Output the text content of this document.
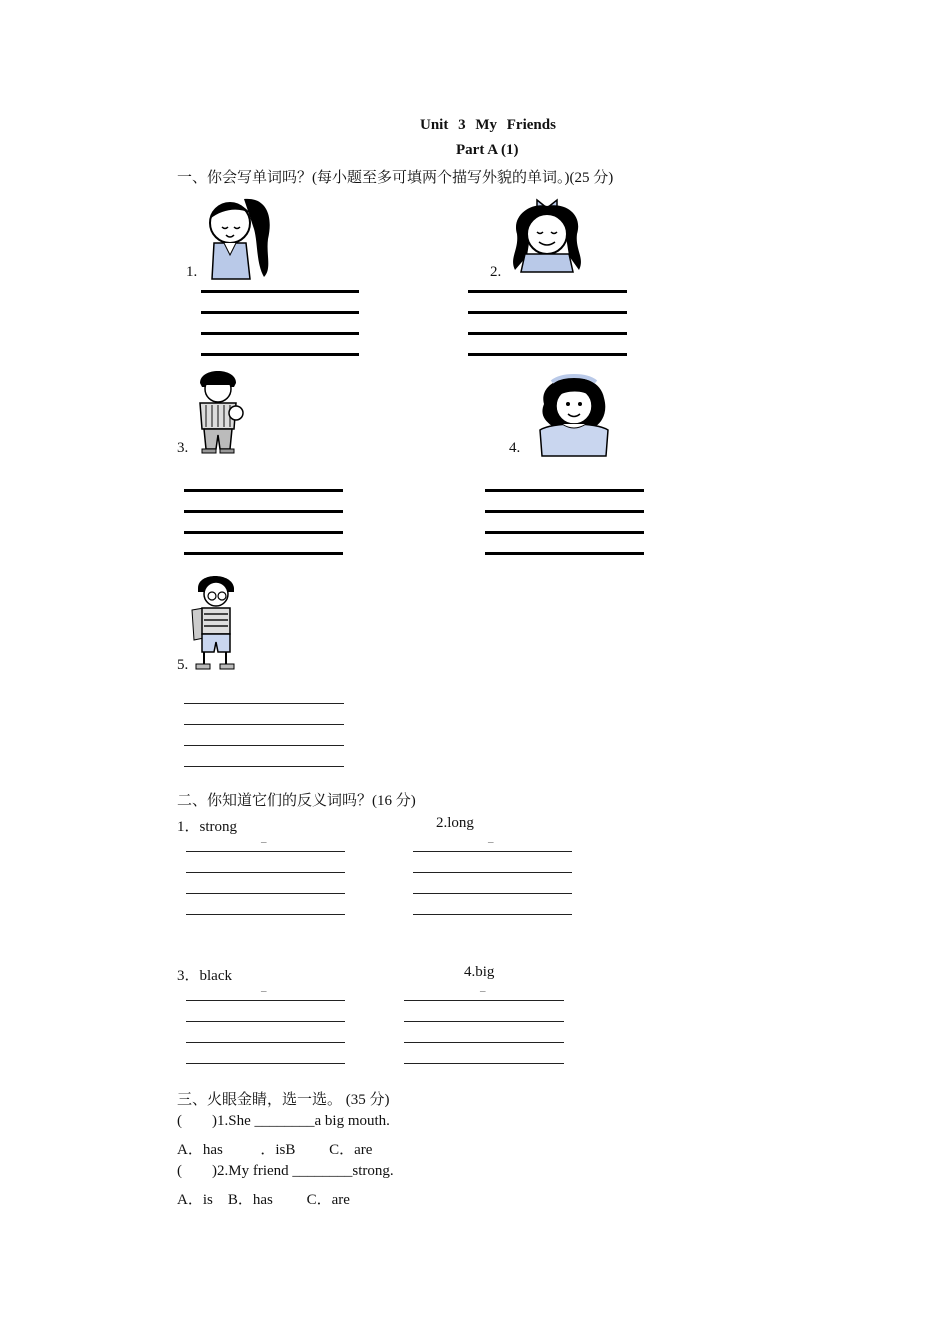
Unit 3 My Friends
Part A (1)
一、你会写单词吗？(每小题至多可填两个描写外貌的单词。)(25 分)
1.	2.
3.	4.
5.
二、你知道它们的反义词吗？(16 分)
1．strong
–
2.long
–
3．black
–
4.big
–
三、火眼金睛，选一选。 (35 分)
(        )1.She ________a big mouth.
A．has          ．isB         C．are
(        )2.My friend ________strong.
A．is    B．has         C．are
